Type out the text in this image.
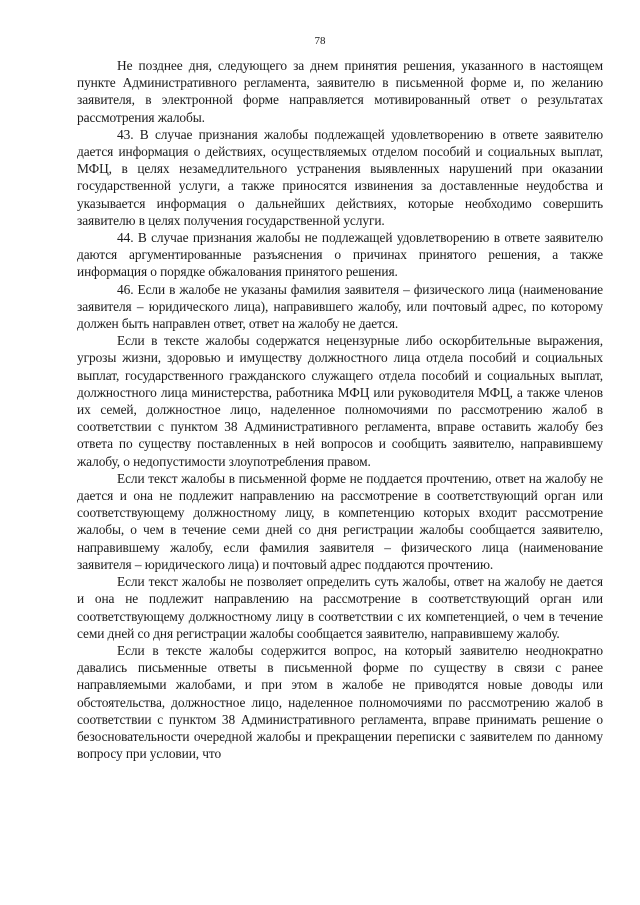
78

Не позднее дня, следующего за днем принятия решения, указанного в настоящем пункте Административного регламента, заявителю в письменной форме и, по желанию заявителя, в электронной форме направляется мотивированный ответ о результатах рассмотрения жалобы.

43. В случае признания жалобы подлежащей удовлетворению в ответе заявителю дается информация о действиях, осуществляемых отделом пособий и социальных выплат, МФЦ, в целях незамедлительного устранения выявленных нарушений при оказании государственной услуги, а также приносятся извинения за доставленные неудобства и указывается информация о дальнейших действиях, которые необходимо совершить заявителю в целях получения государственной услуги.

44. В случае признания жалобы не подлежащей удовлетворению в ответе заявителю даются аргументированные разъяснения о причинах принятого решения, а также информация о порядке обжалования принятого решения.

46. Если в жалобе не указаны фамилия заявителя – физического лица (наименование заявителя – юридического лица), направившего жалобу, или почтовый адрес, по которому должен быть направлен ответ, ответ на жалобу не дается.

Если в тексте жалобы содержатся нецензурные либо оскорбительные выражения, угрозы жизни, здоровью и имуществу должностного лица отдела пособий и социальных выплат, государственного гражданского служащего отдела пособий и социальных выплат, должностного лица министерства, работника МФЦ или руководителя МФЦ, а также членов их семей, должностное лицо, наделенное полномочиями по рассмотрению жалоб в соответствии с пунктом 38 Административного регламента, вправе оставить жалобу без ответа по существу поставленных в ней вопросов и сообщить заявителю, направившему жалобу, о недопустимости злоупотребления правом.

Если текст жалобы в письменной форме не поддается прочтению, ответ на жалобу не дается и она не подлежит направлению на рассмотрение в соответствующий орган или соответствующему должностному лицу, в компетенцию которых входит рассмотрение жалобы, о чем в течение семи дней со дня регистрации жалобы сообщается заявителю, направившему жалобу, если фамилия заявителя – физического лица (наименование заявителя – юридического лица) и почтовый адрес поддаются прочтению.

Если текст жалобы не позволяет определить суть жалобы, ответ на жалобу не дается и она не подлежит направлению на рассмотрение в соответствующий орган или соответствующему должностному лицу в соответствии с их компетенцией, о чем в течение семи дней со дня регистрации жалобы сообщается заявителю, направившему жалобу.

Если в тексте жалобы содержится вопрос, на который заявителю неоднократно давались письменные ответы в письменной форме по существу в связи с ранее направляемыми жалобами, и при этом в жалобе не приводятся новые доводы или обстоятельства, должностное лицо, наделенное полномочиями по рассмотрению жалоб в соответствии с пунктом 38 Административного регламента, вправе принимать решение о безосновательности очередной жалобы и прекращении переписки с заявителем по данному вопросу при условии, что
